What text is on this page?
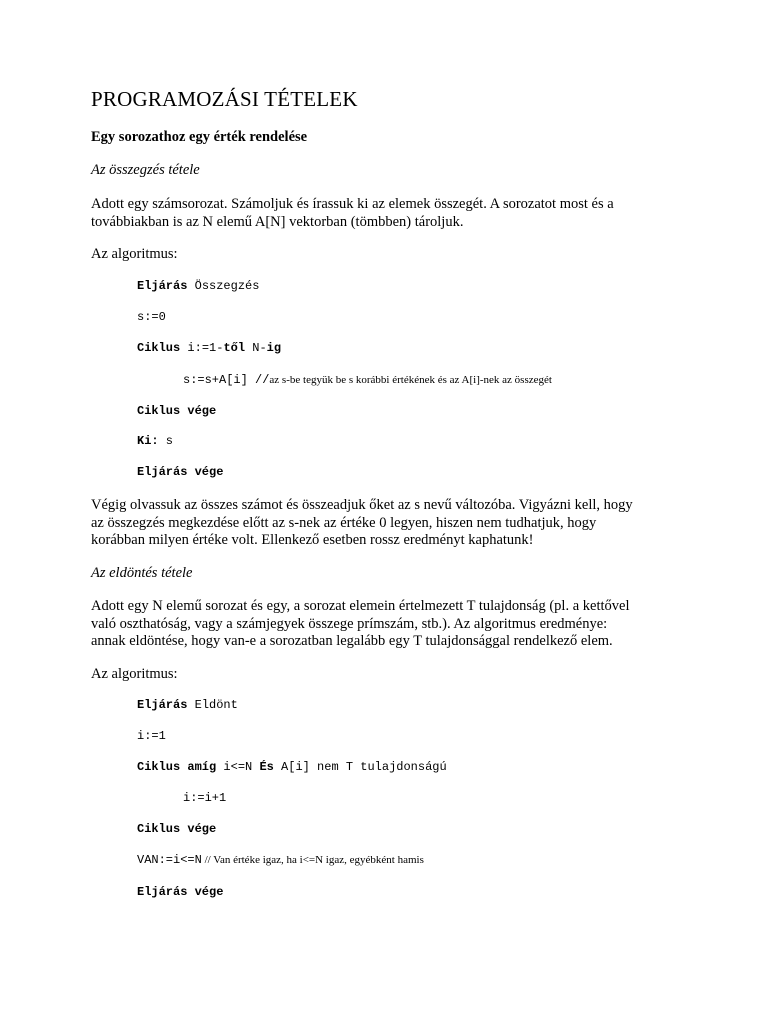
PROGRAMOZÁSI TÉTELEK
Egy sorozathoz egy érték rendelése
Az összegzés tétele
Adott egy számsorozat. Számoljuk és írassuk ki az elemek összegét. A sorozatot most és a
továbbiakban is az N elemű A[N] vektorban (tömbben) tároljuk.
Az algoritmus:
Eljárás Összegzés
s:=0
Ciklus i:=1-től N-ig
s:=s+A[i] //az s-be tegyük be s korábbi értékének és az A[i]-nek az összegét
Ciklus vége
Ki: s
Eljárás vége
Végig olvassuk az összes számot és összeadjuk őket az s nevű változóba. Vigyázni kell, hogy
az összegzés megkezdése előtt az s-nek az értéke 0 legyen, hiszen nem tudhatjuk, hogy
korábban milyen értéke volt. Ellenkező esetben rossz eredményt kaphatunk!
Az eldöntés tétele
Adott egy N elemű sorozat és egy, a sorozat elemein értelmezett T tulajdonság (pl. a kettővel
való oszthatóság, vagy a számjegyek összege prímszám, stb.). Az algoritmus eredménye:
annak eldöntése, hogy van-e a sorozatban legalább egy T tulajdonsággal rendelkező elem.
Az algoritmus:
Eljárás Eldönt
i:=1
Ciklus amíg i<=N És A[i] nem T tulajdonságú
i:=i+1
Ciklus vége
VAN:=i<=N // Van értéke igaz, ha i<=N igaz, egyébként hamis
Eljárás vége
